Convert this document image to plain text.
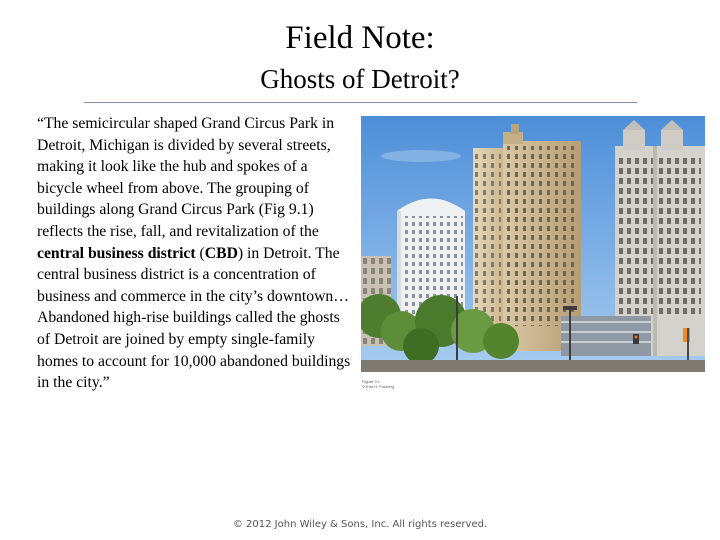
Field Note:
Ghosts of Detroit?
“The semicircular shaped Grand Circus Park in Detroit, Michigan is divided by several streets, making it look like the hub and spokes of a bicycle wheel from above. The grouping of buildings along Grand Circus Park (Fig 9.1) reflects the rise, fall, and revitalization of the central business district (CBD) in Detroit. The central business district is a concentration of business and commerce in the city’s downtown…Abandoned high-rise buildings called the ghosts of Detroit are joined by empty single-family homes to account for 10,000 abandoned buildings in the city.”	Figure 9.1
© Erin H. Fouberg
© 2012 John Wiley & Sons, Inc. All rights reserved.
